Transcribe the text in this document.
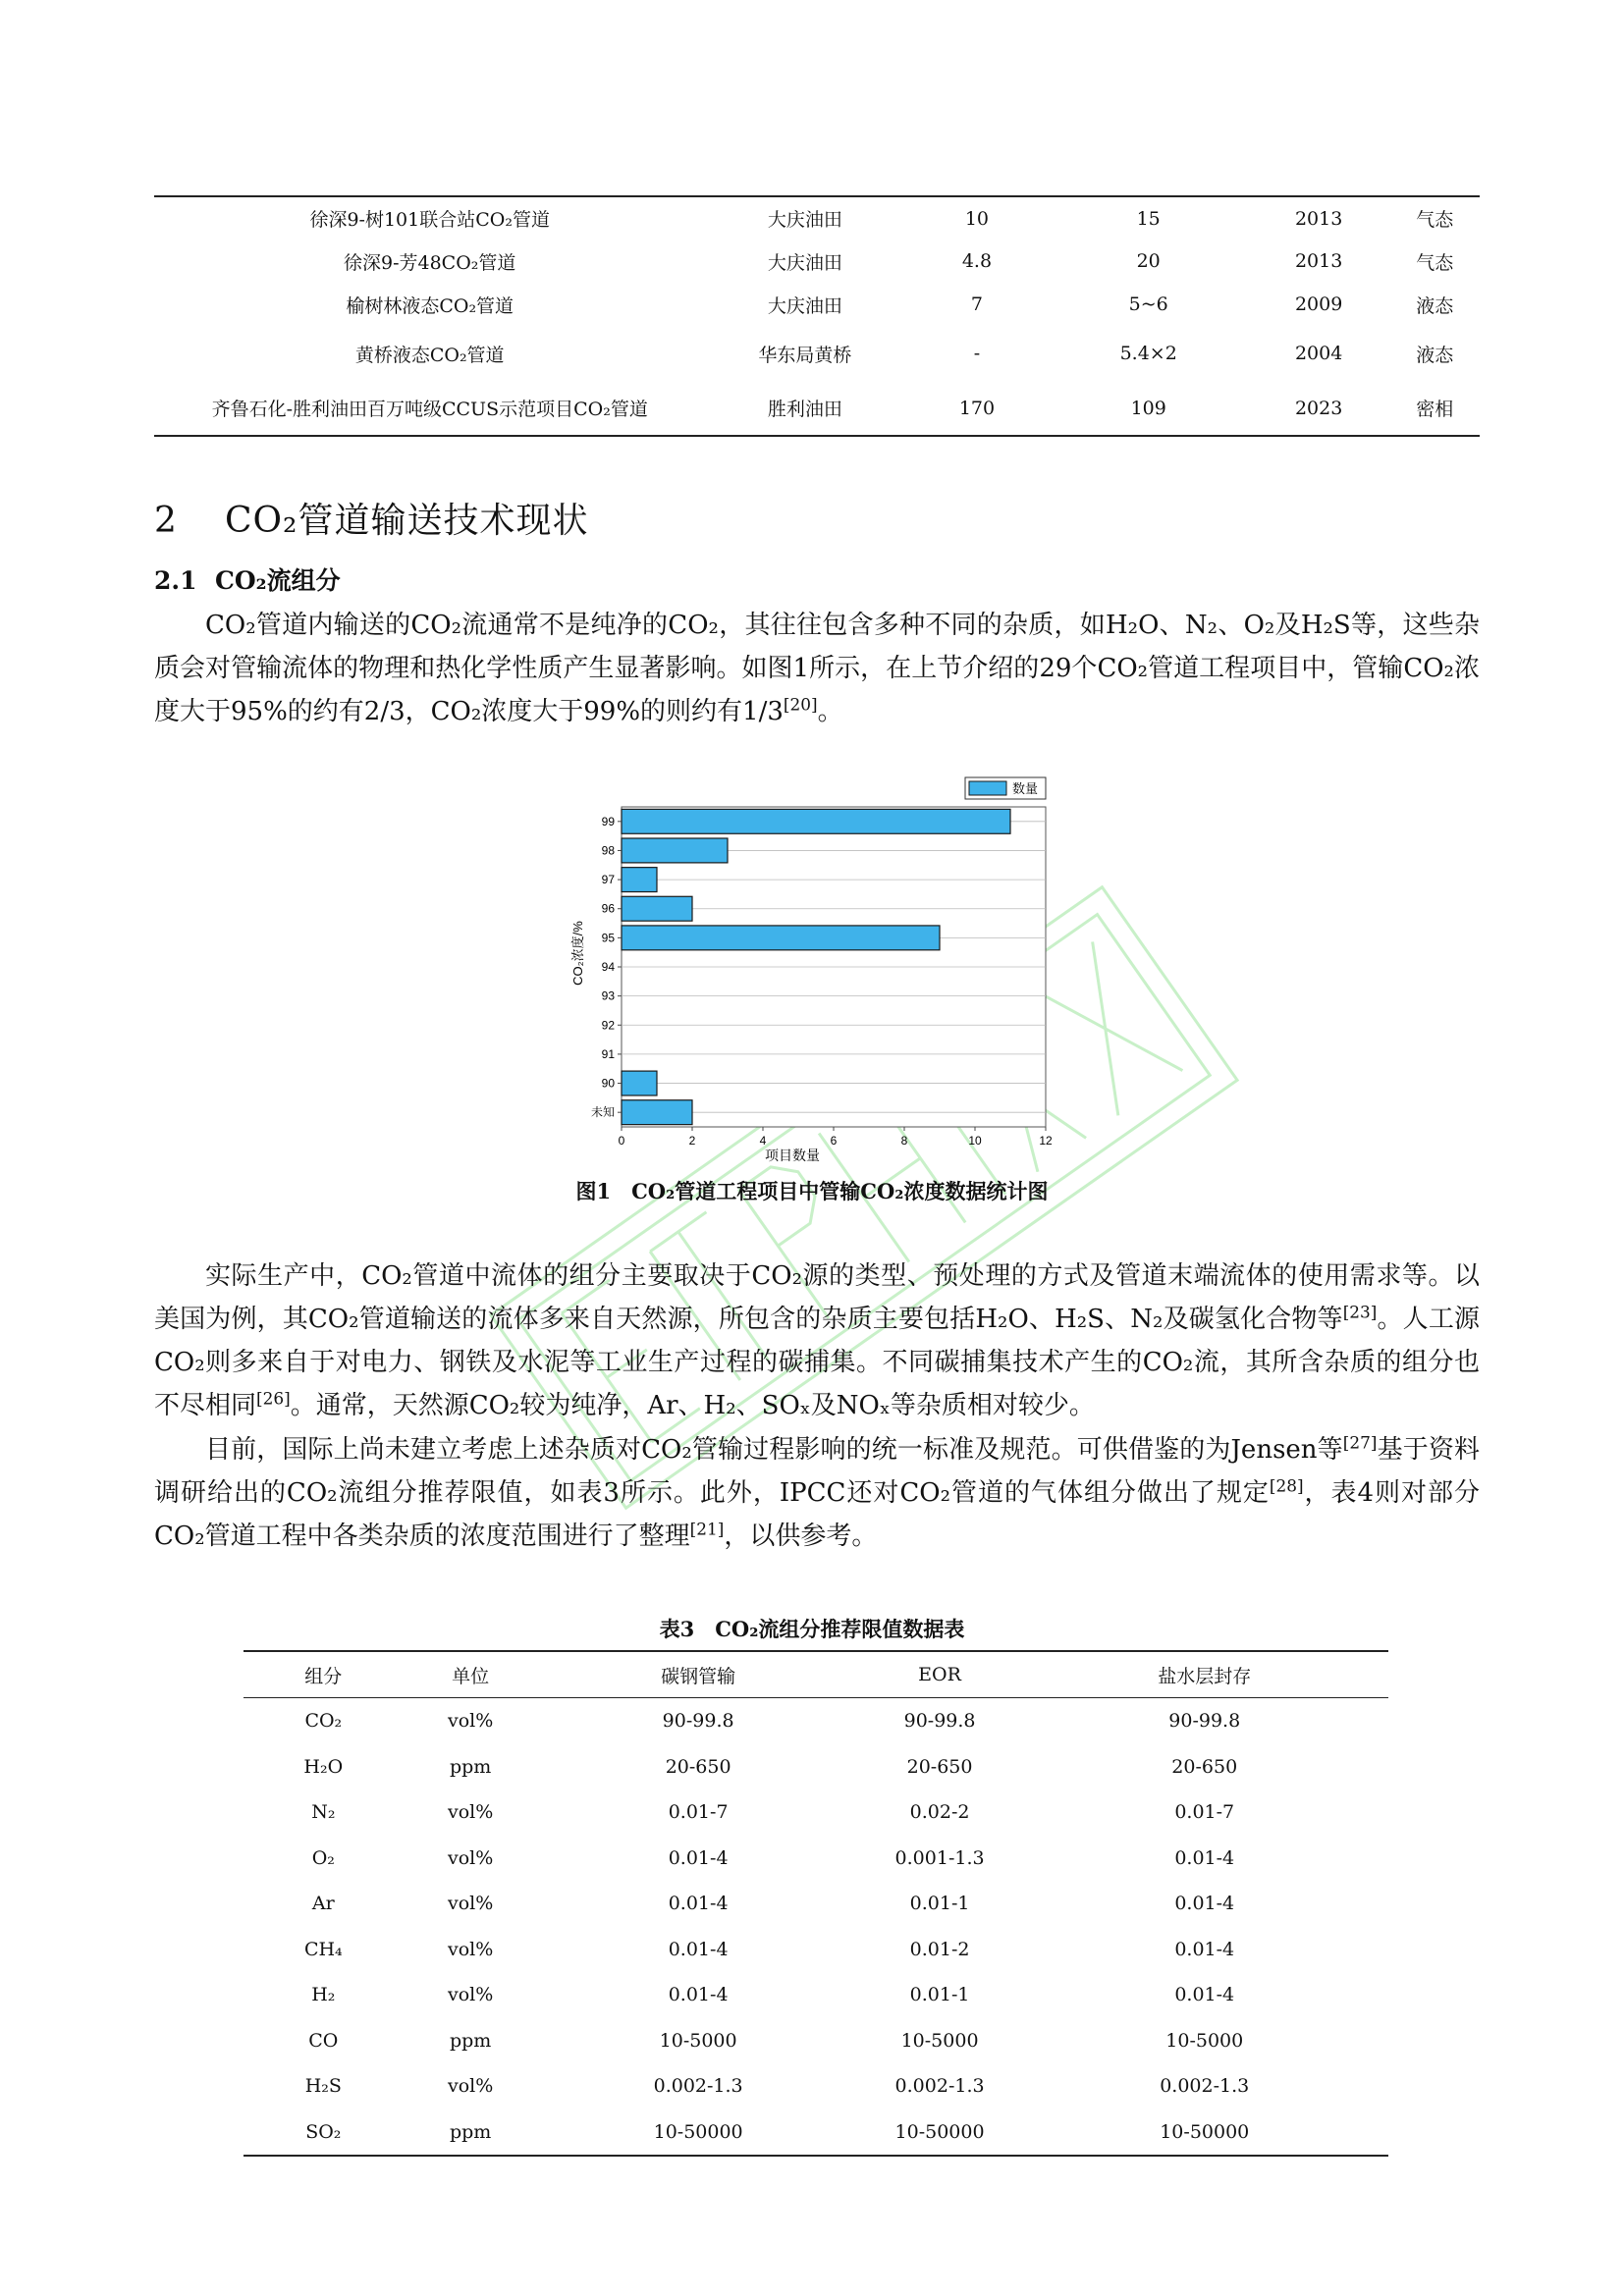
徐深9-树101联合站CO₂管道	大庆油田	10	15	2013	气态
徐深9-芳48CO₂管道	大庆油田	4.8	20	2013	气态
榆树林液态CO₂管道	大庆油田	7	5~6	2009	液态
黄桥液态CO₂管道	华东局黄桥	-	5.4×2	2004	液态
齐鲁石化-胜利油田百万吨级CCUS示范项目CO₂管道	胜利油田	170	109	2023	密相
2 CO₂管道输送技术现状
2.1 CO₂流组分

CO₂管道内输送的CO₂流通常不是纯净的CO₂，其往往包含多种不同的杂质，如H₂O、N₂、O₂及H₂S等，这些杂质会对管输流体的物理和热化学性质产生显著影响。如图1所示，在上节介绍的29个CO₂管道工程项目中，管输CO₂浓度大于95%的约有2/3，CO₂浓度大于99%的则约有1/3[20]。

0	2	4	6	8	10	12
99
98
97
96
95
94
93
92
91
90
未知
项目数量
CO₂浓度/%
数量
图1　CO₂管道工程项目中管输CO₂浓度数据统计图

实际生产中，CO₂管道中流体的组分主要取决于CO₂源的类型、预处理的方式及管道末端流体的使用需求等。以美国为例，其CO₂管道输送的流体多来自天然源，所包含的杂质主要包括H₂O、H₂S、N₂及碳氢化合物等[23]。人工源CO₂则多来自于对电力、钢铁及水泥等工业生产过程的碳捕集。不同碳捕集技术产生的CO₂流，其所含杂质的组分也不尽相同[26]。通常，天然源CO₂较为纯净，Ar、H₂、SOₓ及NOₓ等杂质相对较少。

目前，国际上尚未建立考虑上述杂质对CO₂管输过程影响的统一标准及规范。可供借鉴的为Jensen等[27]基于资料调研给出的CO₂流组分推荐限值，如表3所示。此外，IPCC还对CO₂管道的气体组分做出了规定[28]，表4则对部分CO₂管道工程中各类杂质的浓度范围进行了整理[21]，以供参考。

表3　CO₂流组分推荐限值数据表
组分	单位	碳钢管输	EOR	盐水层封存
CO₂	vol%	90-99.8	90-99.8	90-99.8
H₂O	ppm	20-650	20-650	20-650
N₂	vol%	0.01-7	0.02-2	0.01-7
O₂	vol%	0.01-4	0.001-1.3	0.01-4
Ar	vol%	0.01-4	0.01-1	0.01-4
CH₄	vol%	0.01-4	0.01-2	0.01-4
H₂	vol%	0.01-4	0.01-1	0.01-4
CO	ppm	10-5000	10-5000	10-5000
H₂S	vol%	0.002-1.3	0.002-1.3	0.002-1.3
SO₂	ppm	10-50000	10-50000	10-50000
